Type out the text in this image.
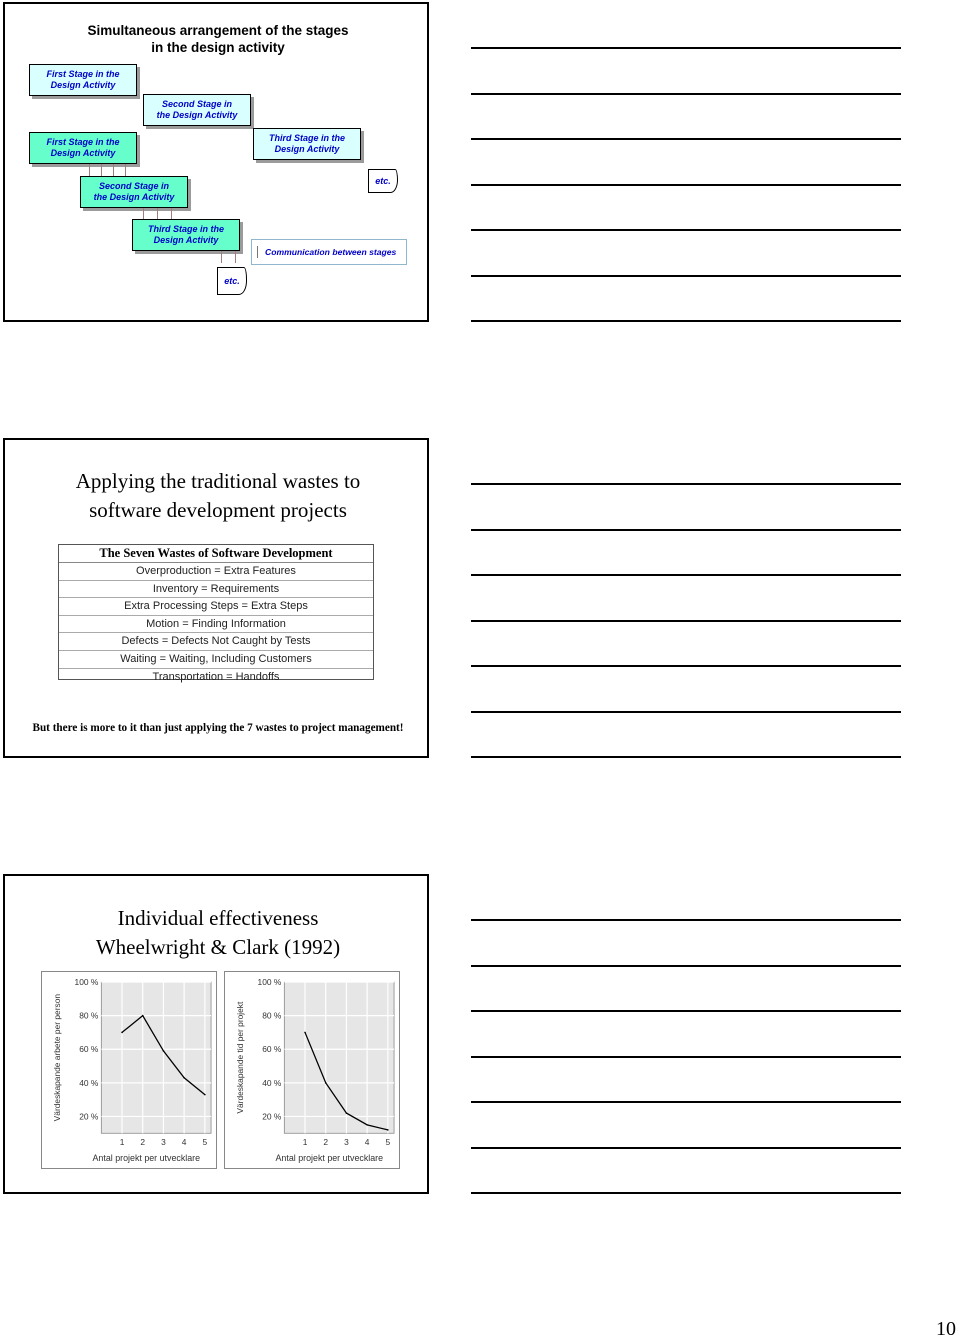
Simultaneous arrangement of the stages
in the design activity
First Stage in the
Design Activity
Second Stage in
the Design Activity
First Stage in the
Design Activity
Third Stage in the
Design Activity
Second Stage in
the Design Activity
etc.
Third Stage in the
Design Activity
Communication between stages
etc.
Applying the traditional wastes to
software development projects
The Seven Wastes of Software Development
Overproduction = Extra Features
Inventory = Requirements
Extra Processing Steps = Extra Steps
Motion = Finding Information
Defects = Defects Not Caught by Tests
Waiting = Waiting, Including Customers
Transportation = Handoffs
But there is more to it than just applying the 7 wastes to project management!
Individual effectiveness
Wheelwright & Clark (1992)
20 %
40 %
60 %
80 %
100 %
1 2 3 4 5
Antal projekt per utvecklare
Värdeskapande arbete per person	20 %
40 %
60 %
80 %
100 %
1 2 3 4 5
Antal projekt per utvecklare
Värdeskapande tid per projekt
10
